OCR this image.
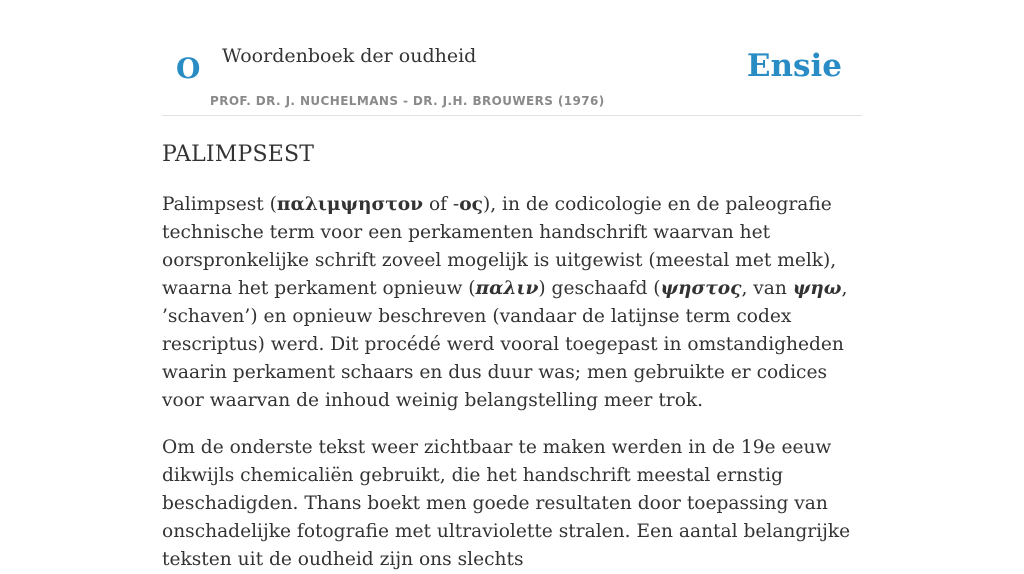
O Woordenboek der oudheid
PROF. DR. J. NUCHELMANS - DR. J.H. BROUWERS (1976)
Ensie
PALIMPSEST

Palimpsest (παλιμψηστον of -ος), in de codicologie en de paleografie technische term voor een perkamenten handschrift waarvan het oorspronkelijke schrift zoveel mogelijk is uitgewist (meestal met melk), waarna het perkament opnieuw (παλιν) geschaafd (ψηστος, van ψηω, ’schaven’) en opnieuw beschreven (vandaar de latijnse term codex rescriptus) werd. Dit procédé werd vooral toegepast in omstandigheden waarin perkament schaars en dus duur was; men gebruikte er codices voor waarvan de inhoud weinig belangstelling meer trok.

Om de onderste tekst weer zichtbaar te maken werden in de 19e eeuw dikwijls chemicaliën gebruikt, die het handschrift meestal ernstig beschadigden. Thans boekt men goede resultaten door toepassing van onschadelijke fotografie met ultraviolette stralen. Een aantal belangrijke teksten uit de oudheid zijn ons slechts
